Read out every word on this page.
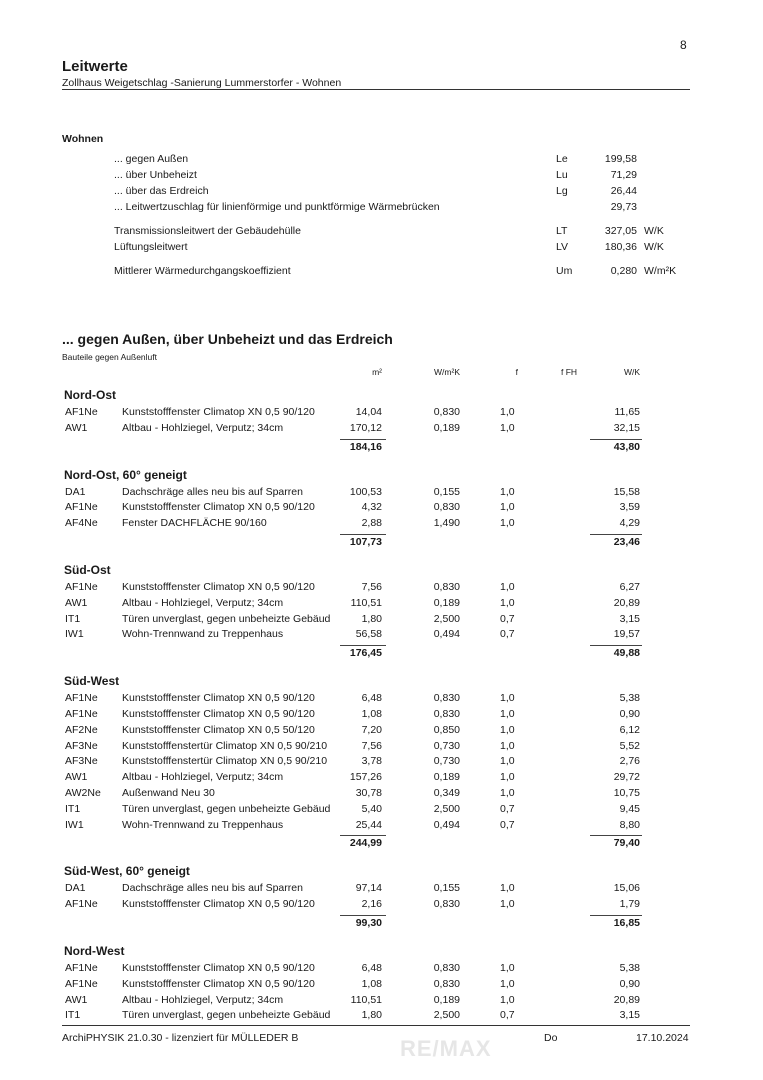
8
Leitwerte
Zollhaus Weigetschlag -Sanierung Lummerstorfer - Wohnen
Wohnen
... gegen Außen	Le	199,58
... über Unbeheizt	Lu	71,29
... über das Erdreich	Lg	26,44
... Leitwertzuschlag für linienförmige und punktförmige Wärmebrücken	29,73
Transmissionsleitwert der Gebäudehülle	LT	327,05 W/K
Lüftungsleitwert	LV	180,36 W/K
Mittlerer Wärmedurchgangskoeffizient	Um	0,280 W/m²K
... gegen Außen, über Unbeheizt und das Erdreich
Bauteile gegen Außenluft
m²	W/m²K	f	f FH	W/K
Nord-Ost
AF1Ne Kunststofffenster Climatop XN 0,5 90/120	14,04	0,830	1,0	11,65
AW1	Altbau - Hohlziegel, Verputz; 34cm	170,12	0,189	1,0	32,15
184,16	43,80
Nord-Ost, 60° geneigt
DA1	Dachschräge alles neu bis auf Sparren	100,53	0,155	1,0	15,58
AF1Ne Kunststofffenster Climatop XN 0,5 90/120	4,32	0,830	1,0	3,59
AF4Ne Fenster DACHFLÄCHE 90/160	2,88	1,490	1,0	4,29
107,73	23,46
Süd-Ost
AF1Ne Kunststofffenster Climatop XN 0,5 90/120	7,56	0,830	1,0	6,27
AW1	Altbau - Hohlziegel, Verputz; 34cm	110,51	0,189	1,0	20,89
IT1	Türen unverglast, gegen unbeheizte Gebäud	1,80	2,500	0,7	3,15
IW1	Wohn-Trennwand zu Treppenhaus	56,58	0,494	0,7	19,57
176,45	49,88
Süd-West
AF1Ne Kunststofffenster Climatop XN 0,5 90/120	6,48	0,830	1,0	5,38
AF1Ne Kunststofffenster Climatop XN 0,5 90/120	1,08	0,830	1,0	0,90
AF2Ne Kunststofffenster Climatop XN 0,5 50/120	7,20	0,850	1,0	6,12
AF3Ne Kunststofffenstertür Climatop XN 0,5 90/210	7,56	0,730	1,0	5,52
AF3Ne Kunststofffenstertür Climatop XN 0,5 90/210	3,78	0,730	1,0	2,76
AW1	Altbau - Hohlziegel, Verputz; 34cm	157,26	0,189	1,0	29,72
AW2Ne Außenwand Neu 30	30,78	0,349	1,0	10,75
IT1	Türen unverglast, gegen unbeheizte Gebäud	5,40	2,500	0,7	9,45
IW1	Wohn-Trennwand zu Treppenhaus	25,44	0,494	0,7	8,80
244,99	79,40
Süd-West, 60° geneigt
DA1	Dachschräge alles neu bis auf Sparren	97,14	0,155	1,0	15,06
AF1Ne Kunststofffenster Climatop XN 0,5 90/120	2,16	0,830	1,0	1,79
99,30	16,85
Nord-West
AF1Ne Kunststofffenster Climatop XN 0,5 90/120	6,48	0,830	1,0	5,38
AF1Ne Kunststofffenster Climatop XN 0,5 90/120	1,08	0,830	1,0	0,90
AW1	Altbau - Hohlziegel, Verputz; 34cm	110,51	0,189	1,0	20,89
IT1	Türen unverglast, gegen unbeheizte Gebäud	1,80	2,500	0,7	3,15
RE/MAX
ArchiPHYSIK 21.0.30 - lizenziert für MÜLLEDER B	Do	17.10.2024
